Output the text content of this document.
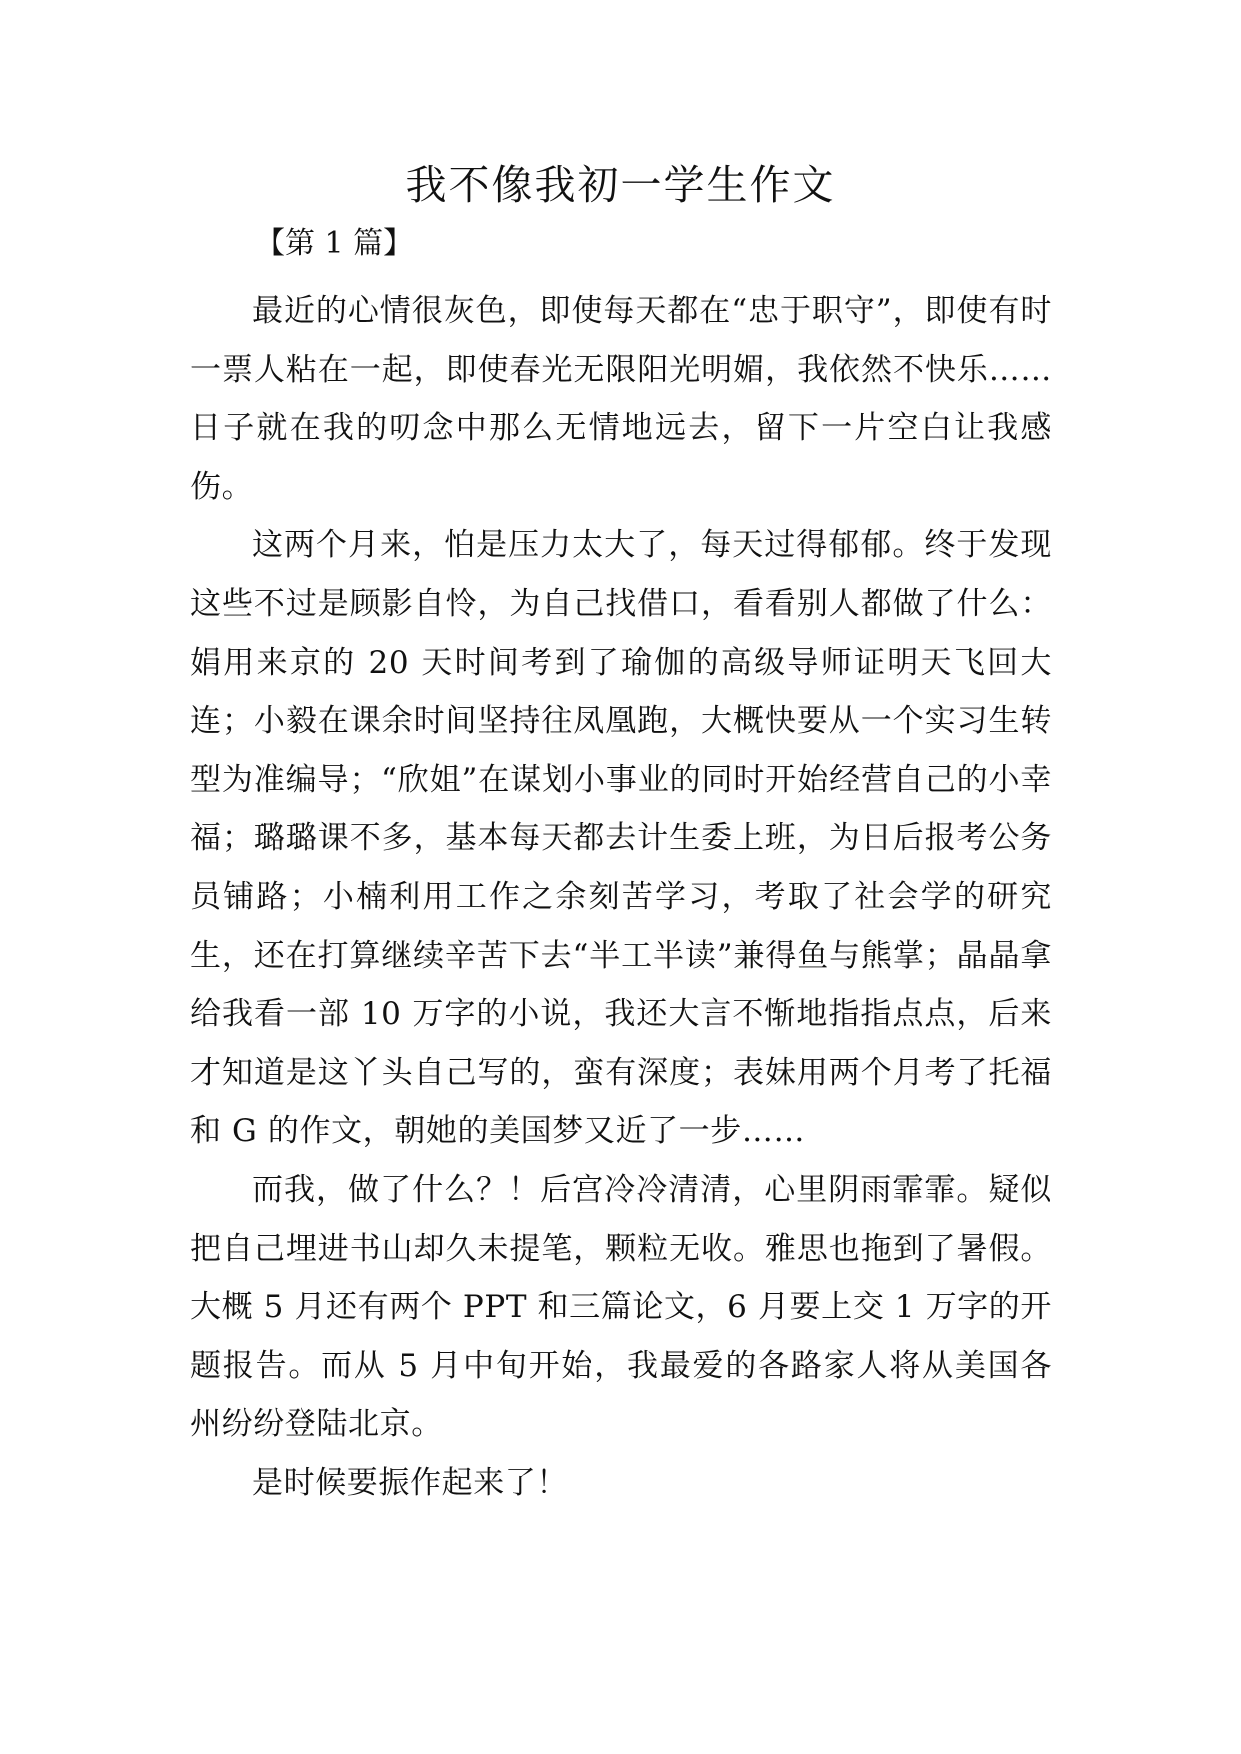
我不像我初一学生作文
【第 1 篇】

最近的心情很灰色，即使每天都在“忠于职守”，即使有时一票人粘在一起，即使春光无限阳光明媚，我依然不快乐……日子就在我的叨念中那么无情地远去，留下一片空白让我感伤。

这两个月来，怕是压力太大了，每天过得郁郁。终于发现这些不过是顾影自怜，为自己找借口，看看别人都做了什么：娟用来京的 20 天时间考到了瑜伽的高级导师证明天飞回大连；小毅在课余时间坚持往凤凰跑，大概快要从一个实习生转型为准编导；“欣姐”在谋划小事业的同时开始经营自己的小幸福；璐璐课不多，基本每天都去计生委上班，为日后报考公务员铺路；小楠利用工作之余刻苦学习，考取了社会学的研究生，还在打算继续辛苦下去“半工半读”兼得鱼与熊掌；晶晶拿给我看一部 10 万字的小说，我还大言不惭地指指点点，后来才知道是这丫头自己写的，蛮有深度；表妹用两个月考了托福和 G 的作文，朝她的美国梦又近了一步……

而我，做了什么？！后宫冷冷清清，心里阴雨霏霏。疑似把自己埋进书山却久未提笔，颗粒无收。雅思也拖到了暑假。大概 5 月还有两个 PPT 和三篇论文，6 月要上交 1 万字的开题报告。而从 5 月中旬开始，我最爱的各路家人将从美国各州纷纷登陆北京。

是时候要振作起来了！
